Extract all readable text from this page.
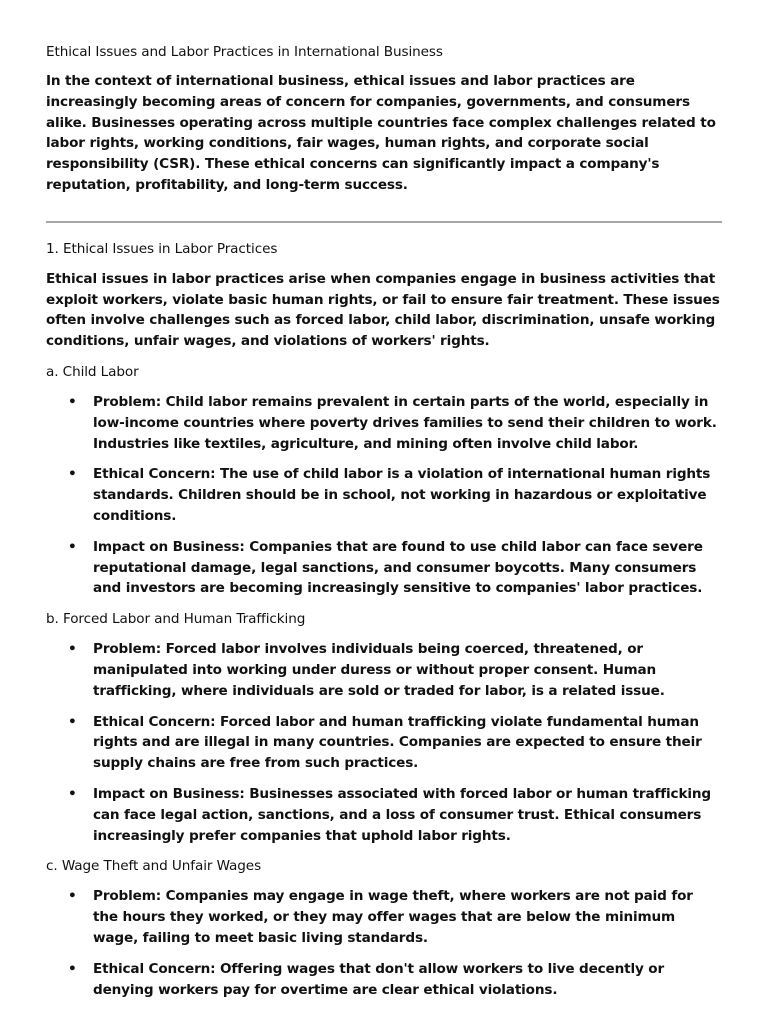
Ethical Issues and Labor Practices in International Business

In the context of international business, ethical issues and labor practices are increasingly becoming areas of concern for companies, governments, and consumers alike. Businesses operating across multiple countries face complex challenges related to labor rights, working conditions, fair wages, human rights, and corporate social responsibility (CSR). These ethical concerns can significantly impact a company's reputation, profitability, and long-term success.

1. Ethical Issues in Labor Practices

Ethical issues in labor practices arise when companies engage in business activities that exploit workers, violate basic human rights, or fail to ensure fair treatment. These issues often involve challenges such as forced labor, child labor, discrimination, unsafe working conditions, unfair wages, and violations of workers' rights.

a. Child Labor
• Problem: Child labor remains prevalent in certain parts of the world, especially in low-income countries where poverty drives families to send their children to work. Industries like textiles, agriculture, and mining often involve child labor.
• Ethical Concern: The use of child labor is a violation of international human rights standards. Children should be in school, not working in hazardous or exploitative conditions.
• Impact on Business: Companies that are found to use child labor can face severe reputational damage, legal sanctions, and consumer boycotts. Many consumers and investors are becoming increasingly sensitive to companies' labor practices.
b. Forced Labor and Human Trafficking
• Problem: Forced labor involves individuals being coerced, threatened, or manipulated into working under duress or without proper consent. Human trafficking, where individuals are sold or traded for labor, is a related issue.
• Ethical Concern: Forced labor and human trafficking violate fundamental human rights and are illegal in many countries. Companies are expected to ensure their supply chains are free from such practices.
• Impact on Business: Businesses associated with forced labor or human trafficking can face legal action, sanctions, and a loss of consumer trust. Ethical consumers increasingly prefer companies that uphold labor rights.
c. Wage Theft and Unfair Wages
• Problem: Companies may engage in wage theft, where workers are not paid for the hours they worked, or they may offer wages that are below the minimum wage, failing to meet basic living standards.
• Ethical Concern: Offering wages that don't allow workers to live decently or denying workers pay for overtime are clear ethical violations.
